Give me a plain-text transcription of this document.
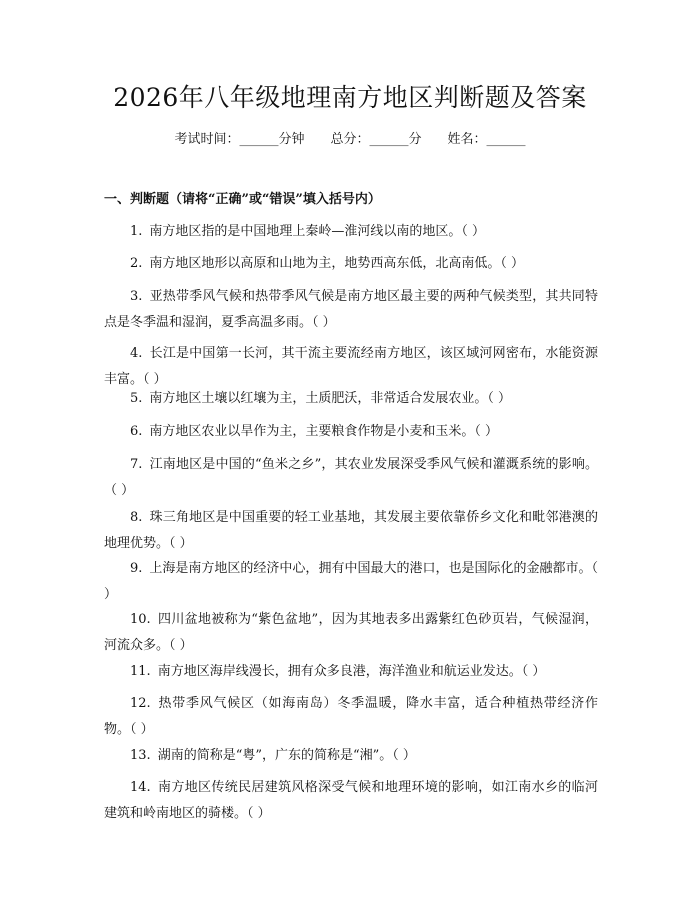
2026年八年级地理南方地区判断题及答案
考试时间：______分钟 总分：______分 姓名：______
一、判断题（请将“正确”或“错误”填入括号内）
1. 南方地区指的是中国地理上秦岭—淮河线以南的地区。（ ）
2. 南方地区地形以高原和山地为主，地势西高东低，北高南低。（ ）
3. 亚热带季风气候和热带季风气候是南方地区最主要的两种气候类型，其共同特点是冬季温和湿润，夏季高温多雨。（ ）
4. 长江是中国第一长河，其干流主要流经南方地区，该区域河网密布，水能资源丰富。（ ）
5. 南方地区土壤以红壤为主，土质肥沃，非常适合发展农业。（ ）
6. 南方地区农业以旱作为主，主要粮食作物是小麦和玉米。（ ）
7. 江南地区是中国的“鱼米之乡”，其农业发展深受季风气候和灌溉系统的影响。（ ）
8. 珠三角地区是中国重要的轻工业基地，其发展主要依靠侨乡文化和毗邻港澳的地理优势。（ ）
9. 上海是南方地区的经济中心，拥有中国最大的港口，也是国际化的金融都市。（ ）
10. 四川盆地被称为“紫色盆地”，因为其地表多出露紫红色砂页岩，气候湿润，河流众多。（ ）
11. 南方地区海岸线漫长，拥有众多良港，海洋渔业和航运业发达。（ ）
12. 热带季风气候区（如海南岛）冬季温暖，降水丰富，适合种植热带经济作物。（ ）
13. 湖南的简称是“粤”，广东的简称是“湘”。（ ）
14. 南方地区传统民居建筑风格深受气候和地理环境的影响，如江南水乡的临河建筑和岭南地区的骑楼。（ ）
